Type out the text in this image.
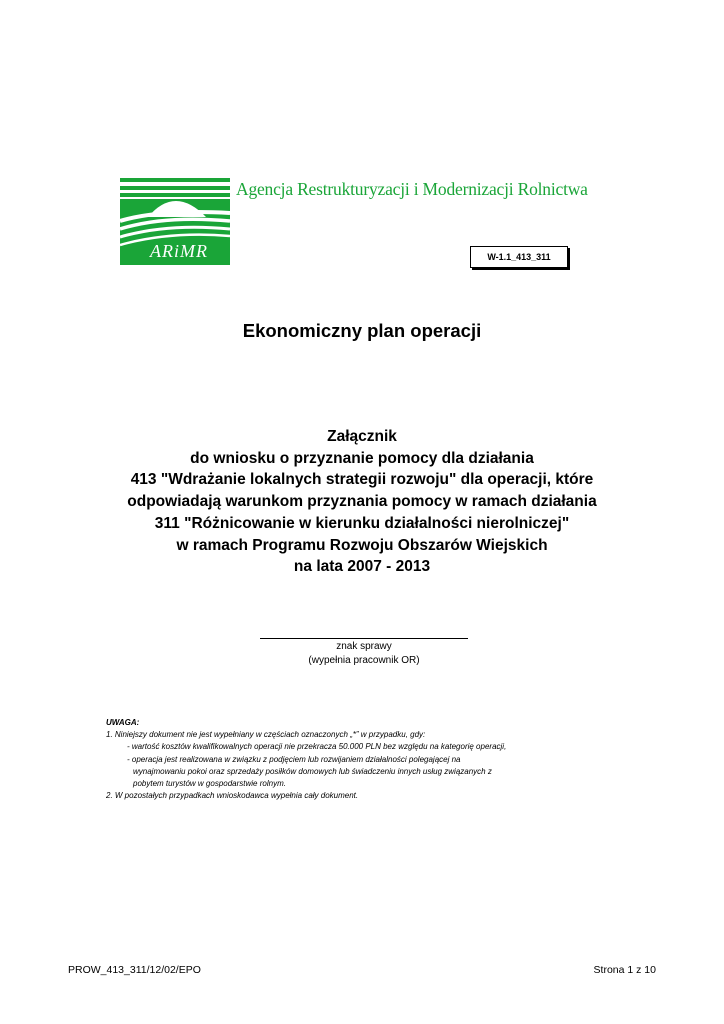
ARiMR
Agencja Restrukturyzacji i Modernizacji Rolnictwa
W-1.1_413_311
Ekonomiczny plan operacji
Załącznik
do wniosku o przyznanie pomocy dla działania
413 "Wdrażanie lokalnych strategii rozwoju" dla operacji, które
odpowiadają warunkom przyznania pomocy w ramach działania
311 "Różnicowanie w kierunku działalności nierolniczej"
w ramach Programu Rozwoju Obszarów Wiejskich
na lata 2007 - 2013
znak sprawy
(wypełnia pracownik OR)
UWAGA:
1. Niniejszy dokument nie jest wypełniany w częściach oznaczonych „*” w przypadku, gdy:
- wartość kosztów kwalifikowalnych operacji nie przekracza 50.000 PLN bez względu na kategorię operacji,
- operacja jest realizowana w związku z podjęciem lub rozwijaniem działalności polegającej na
wynajmowaniu pokoi oraz sprzedaży posiłków domowych lub świadczeniu innych usług związanych z
pobytem turystów w gospodarstwie rolnym.
2. W pozostałych przypadkach wnioskodawca wypełnia cały dokument.
PROW_413_311/12/02/EPO	Strona 1 z 10
